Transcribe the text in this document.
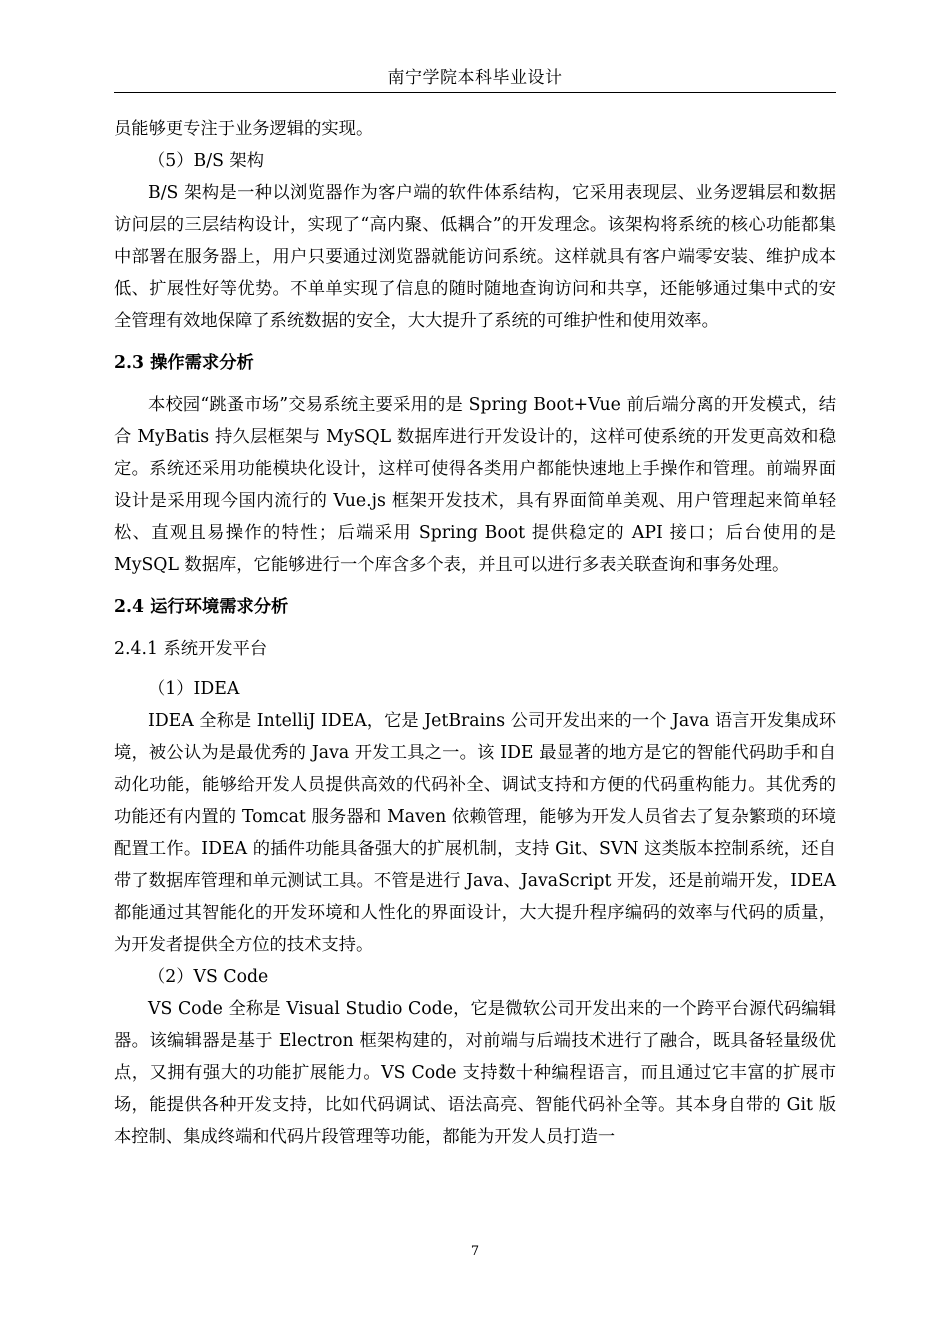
南宁学院本科毕业设计

员能够更专注于业务逻辑的实现。

（5）B/S 架构

B/S 架构是一种以浏览器作为客户端的软件体系结构，它采用表现层、业务逻辑层和数据访问层的三层结构设计，实现了“高内聚、低耦合”的开发理念。该架构将系统的核心功能都集中部署在服务器上，用户只要通过浏览器就能访问系统。这样就具有客户端零安装、维护成本低、扩展性好等优势。不单单实现了信息的随时随地查询访问和共享，还能够通过集中式的安全管理有效地保障了系统数据的安全，大大提升了系统的可维护性和使用效率。

2.3 操作需求分析

本校园“跳蚤市场”交易系统主要采用的是 Spring Boot+Vue 前后端分离的开发模式，结合 MyBatis 持久层框架与 MySQL 数据库进行开发设计的，这样可使系统的开发更高效和稳定。系统还采用功能模块化设计，这样可使得各类用户都能快速地上手操作和管理。前端界面设计是采用现今国内流行的 Vue.js 框架开发技术，具有界面简单美观、用户管理起来简单轻松、直观且易操作的特性；后端采用 Spring Boot 提供稳定的 API 接口；后台使用的是 MySQL 数据库，它能够进行一个库含多个表，并且可以进行多表关联查询和事务处理。

2.4 运行环境需求分析

2.4.1 系统开发平台

（1）IDEA

IDEA 全称是 IntelliJ IDEA，它是 JetBrains 公司开发出来的一个 Java 语言开发集成环境，被公认为是最优秀的 Java 开发工具之一。该 IDE 最显著的地方是它的智能代码助手和自动化功能，能够给开发人员提供高效的代码补全、调试支持和方便的代码重构能力。其优秀的功能还有内置的 Tomcat 服务器和 Maven 依赖管理，能够为开发人员省去了复杂繁琐的环境配置工作。IDEA 的插件功能具备强大的扩展机制，支持 Git、SVN 这类版本控制系统，还自带了数据库管理和单元测试工具。不管是进行 Java、JavaScript 开发，还是前端开发，IDEA 都能通过其智能化的开发环境和人性化的界面设计，大大提升程序编码的效率与代码的质量，为开发者提供全方位的技术支持。

（2）VS Code

VS Code 全称是 Visual Studio Code，它是微软公司开发出来的一个跨平台源代码编辑器。该编辑器是基于 Electron 框架构建的，对前端与后端技术进行了融合，既具备轻量级优点，又拥有强大的功能扩展能力。VS Code 支持数十种编程语言，而且通过它丰富的扩展市场，能提供各种开发支持，比如代码调试、语法高亮、智能代码补全等。其本身自带的 Git 版本控制、集成终端和代码片段管理等功能，都能为开发人员打造一

7
